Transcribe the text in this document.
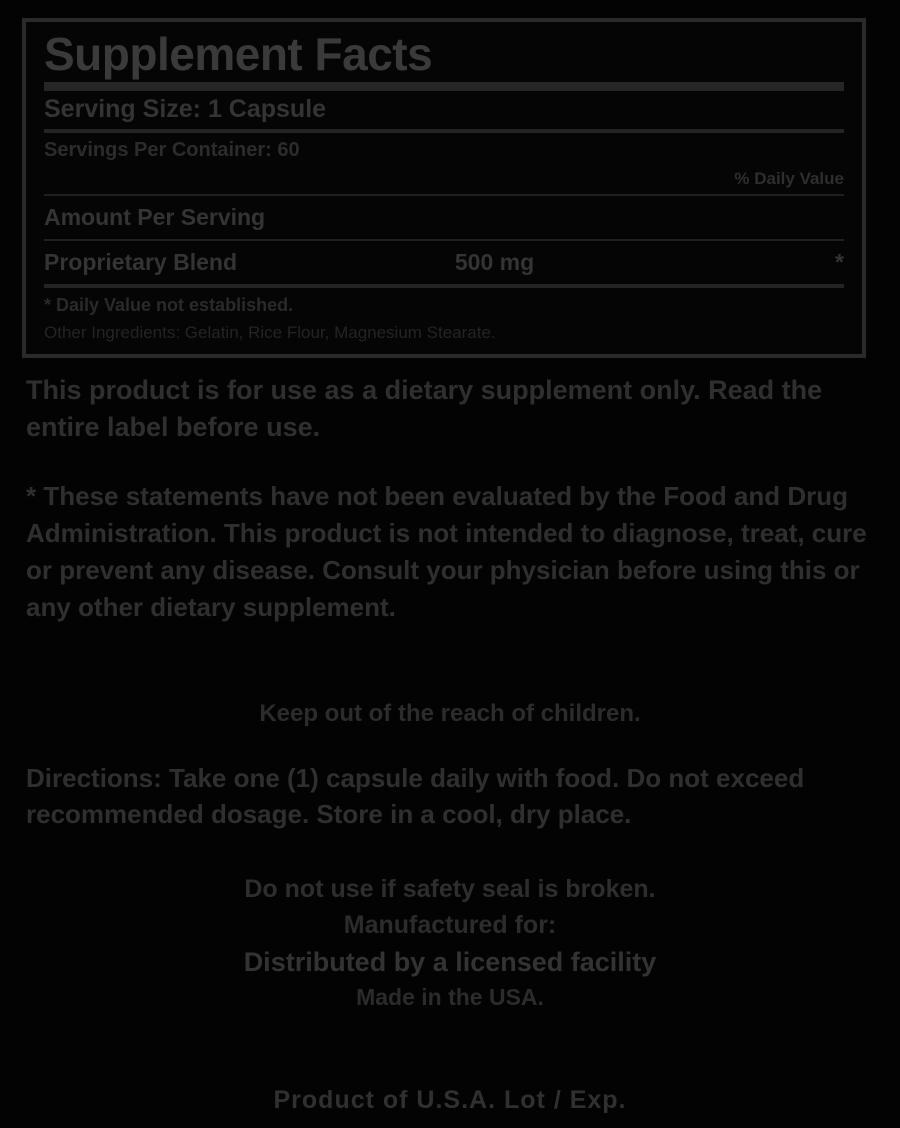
Supplement Facts
Serving Size: 1 Capsule
Servings Per Container: 60
% Daily Value
Amount Per Serving
Proprietary Blend	500 mg	*
* Daily Value not established.
Other Ingredients: Gelatin, Rice Flour, Magnesium Stearate.
This product is for use as a dietary supplement only. Read the entire label before use.
* These statements have not been evaluated by the Food and Drug Administration. This product is not intended to diagnose, treat, cure or prevent any disease. Consult your physician before using this or any other dietary supplement.
Keep out of the reach of children.
Directions: Take one (1) capsule daily with food. Do not exceed recommended dosage. Store in a cool, dry place.
Do not use if safety seal is broken.
Manufactured for:
Distributed by a licensed facility
Made in the USA.
Product of U.S.A. Lot / Exp.
